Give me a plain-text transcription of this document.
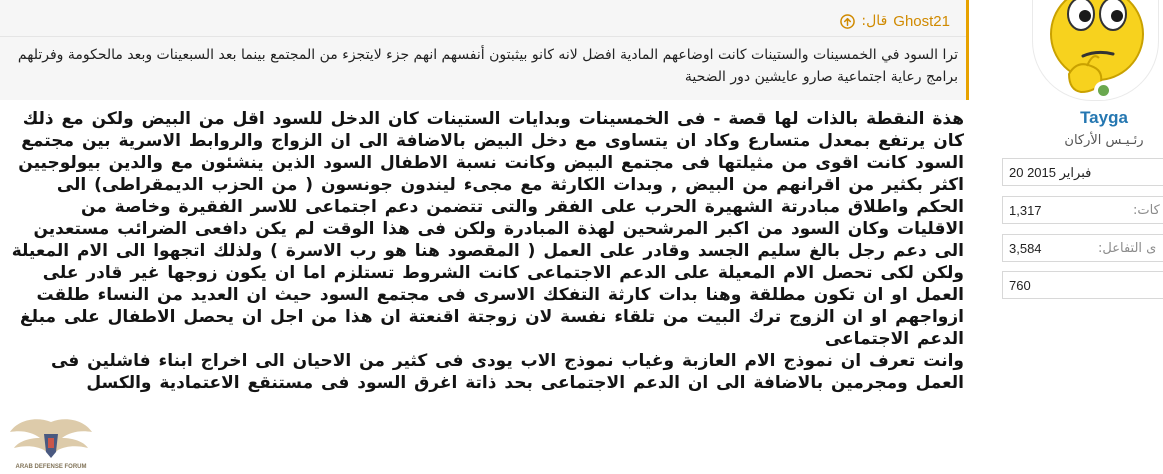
Ghost21
قال:
ترا السود في الخمسينات والستينات كانت اوضاعهم المادية افضل لانه كانو بيثبتون أنفسهم انهم جزء لايتجزء من المجتمع بينما بعد السبعينات وبعد مالحكومة وفرتلهم برامج رعاية اجتماعية صارو عايشين دور الضحية

هذة النقطة بالذات لها قصة - فى الخمسينات وبدايات الستينات كان الدخل للسود اقل من البيض ولكن مع ذلك كان يرتفع بمعدل متسارع وكاد ان يتساوى مع دخل البيض بالاضافة الى ان الزواج والروابط الاسرية بين مجتمع السود كانت اقوى من مثيلتها فى مجتمع البيض وكانت نسبة الاطفال السود الذين ينشئون مع والدين بيولوجيين اكثر بكثير من اقرانهم من البيض , وبدات الكارثة مع مجىء ليندون جونسون ( من الحزب الديمقراطى) الى الحكم واطلاق مبادرتة الشهيرة الحرب على الفقر والتى تتضمن دعم اجتماعى للاسر الفقيرة وخاصة من الاقليات وكان السود من اكبر المرشحين لهذة المبادرة ولكن فى هذا الوقت لم يكن دافعى الضرائب مستعدين الى دعم رجل بالغ سليم الجسد وقادر على العمل ( المقصود هنا هو رب الاسرة ) ولذلك اتجهوا الى الام المعيلة ولكن لكى تحصل الام المعيلة على الدعم الاجتماعى كانت الشروط تستلزم اما ان يكون زوجها غير قادر على العمل او ان تكون مطلقة وهنا بدات كارثة التفكك الاسرى فى مجتمع السود حيث ان العديد من النساء طلقت ازواجهم او ان الزوج ترك البيت من تلقاء نفسة لان زوجتة اقنعتة ان هذا من اجل ان يحصل الاطفال على مبلغ الدعم الاجتماعى

وانت تعرف ان نموذج الام العازبة وغياب نموذج الاب يودى فى كثير من الاحيان الى اخراج ابناء فاشلين فى العمل ومجرمين بالاضافة الى ان الدعم الاجتماعى بحد ذاتة اغرق السود فى مستنقع الاعتمادية والكسل

ARAB DEFENSE FORUM
Tayga
رئـيـس الأركان
20 فبراير 2015
1,317	كات:
3,584	ى التفاعل:
760
